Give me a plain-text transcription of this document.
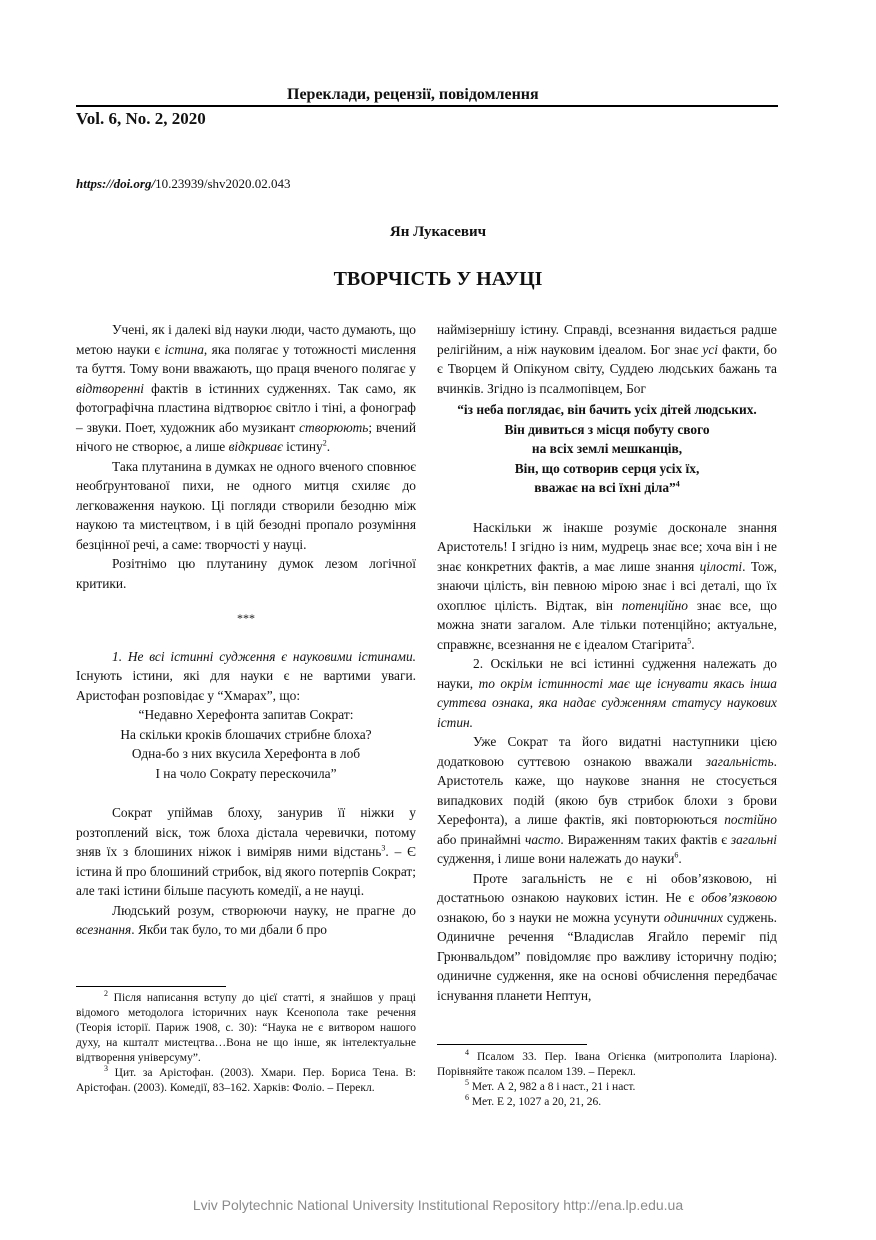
Переклади, рецензії, повідомлення
Vol. 6, No. 2, 2020
https://doi.org/10.23939/shv2020.02.043
Ян Лукасевич
ТВОРЧІСТЬ У НАУЦІ

Учені, як і далекі від науки люди, часто думають, що метою науки є істина, яка полягає у тотожності мислення та буття. Тому вони вважають, що праця вченого полягає у відтворенні фактів в істинних судженнях. Так само, як фотографічна пластина відтворює світло і тіні, а фонограф – звуки. Поет, художник або музикант створюють; вчений нічого не створює, а лише відкриває істину$^2$.

Така плутанина в думках не одного вченого сповнює необґрунтованої пихи, не одного митця схиляє до легковаження наукою. Ці погляди створили безодню між наукою та мистецтвом, і в цій безодні пропало розуміння безцінної речі, а саме: творчості у науці.

Розітнімо цю плутанину думок лезом логічної критики.

***

1. Не всі істинні судження є науковими істинами. Існують істини, які для науки є не вартими уваги. Аристофан розповідає у “Хмарах”, що:

“Недавно Херефонта запитав Сократ:
На скільки кроків блошачих стрибне блоха?
Одна-бо з них вкусила Херефонта в лоб
І на чоло Сократу перескочила”

Сократ упіймав блоху, занурив її ніжки у розтоплений віск, тож блоха дістала черевички, потому зняв їх з блошиних ніжок і виміряв ними відстань$^3$. – Є істина й про блошиний стрибок, від якого потерпів Сократ; але такі істини більше пасують комедії, а не науці.

Людський розум, створюючи науку, не прагне до всезнання. Якби так було, то ми дбали б про

наймізернішу істину. Справді, всезнання видається радше релігійним, а ніж науковим ідеалом. Бог знає усі факти, бо є Творцем й Опікуном світу, Суддею людських бажань та вчинків. Згідно із псалмопівцем, Бог

“із неба поглядає, він бачить усіх дітей людських.
Він дивиться з місця побуту свого
на всіх землі мешканців,
Він, що сотворив серця усіх їх,
вважає на всі їхні діла”$^4$

Наскільки ж інакше розуміє досконале знання Аристотель! І згідно із ним, мудрець знає все; хоча він і не знає конкретних фактів, а має лише знання цілості. Тож, знаючи цілість, він певною мірою знає і всі деталі, що їх охоплює цілість. Відтак, він потенційно знає все, що можна знати загалом. Але тільки потенційно; актуальне, справжнє, всезнання не є ідеалом Стагірита$^5$.

2. Оскільки не всі істинні судження належать до науки, то окрім істинності має ще існувати якась інша суттєва ознака, яка надає судженням статусу наукових істин.

Уже Сократ та його видатні наступники цією додатковою суттєвою ознакою вважали загальність. Аристотель каже, що наукове знання не стосується випадкових подій (якою був стрибок блохи з брови Херефонта), а лише фактів, які повторюються постійно або принаймні часто. Вираженням таких фактів є загальні судження, і лише вони належать до науки$^6$.

Проте загальність не є ні обов’язковою, ні достатньою ознакою наукових істин. Не є обов’язковою ознакою, бо з науки не можна усунути одиничних суджень. Одиничне речення “Владислав Ягайло переміг під Грюнвальдом” повідомляє про важливу історичну подію; одиничне судження, яке на основі обчислення передбачає існування планети Нептун,

$^2$ Після написання вступу до цієї статті, я знайшов у праці відомого методолога історичних наук Ксенопола таке речення (Теорія історії. Париж 1908, с. 30): “Наука не є витвором нашого духу, на кшталт мистецтва…Вона не що інше, як інтелектуальне відтворення універсуму”.

$^3$ Цит. за Арістофан. (2003). Хмари. Пер. Бориса Тена. В: Арістофан. (2003). Комедії, 83–162. Харків: Фоліо. – Перекл.

$^4$ Псалом 33. Пер. Івана Огієнка (митрополита Іларіона). Порівняйте також псалом 139. – Перекл.

$^5$ Мет. А 2, 982 а 8 і наст., 21 і наст.

$^6$ Мет. Е 2, 1027 а 20, 21, 26.

Lviv Polytechnic National University Institutional Repository http://ena.lp.edu.ua
